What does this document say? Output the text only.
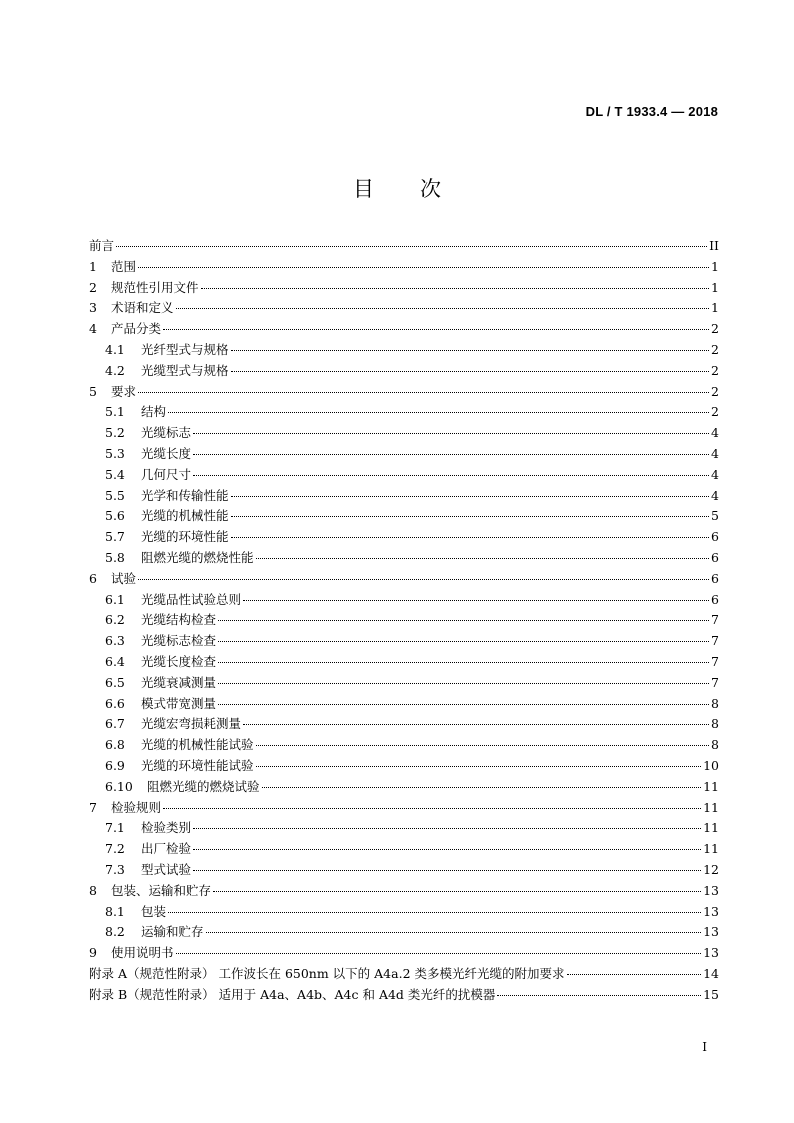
DL / T 1933.4 — 2018
目 次
前言	II
1	范围	1
2	规范性引用文件	1
3	术语和定义	1
4	产品分类	2
4.1	光纤型式与规格	2
4.2	光缆型式与规格	2
5	要求	2
5.1	结构	2
5.2	光缆标志	4
5.3	光缆长度	4
5.4	几何尺寸	4
5.5	光学和传输性能	4
5.6	光缆的机械性能	5
5.7	光缆的环境性能	6
5.8	阻燃光缆的燃烧性能	6
6	试验	6
6.1	光缆品性试验总则	6
6.2	光缆结构检查	7
6.3	光缆标志检查	7
6.4	光缆长度检查	7
6.5	光缆衰减测量	7
6.6	模式带宽测量	8
6.7	光缆宏弯损耗测量	8
6.8	光缆的机械性能试验	8
6.9	光缆的环境性能试验	10
6.10	阻燃光缆的燃烧试验	11
7	检验规则	11
7.1	检验类别	11
7.2	出厂检验	11
7.3	型式试验	12
8	包装、运输和贮存	13
8.1	包装	13
8.2	运输和贮存	13
9	使用说明书	13
附录 A（规范性附录） 工作波长在 650nm 以下的 A4a.2 类多模光纤光缆的附加要求	14
附录 B（规范性附录） 适用于 A4a、A4b、A4c 和 A4d 类光纤的扰模器	15
I
